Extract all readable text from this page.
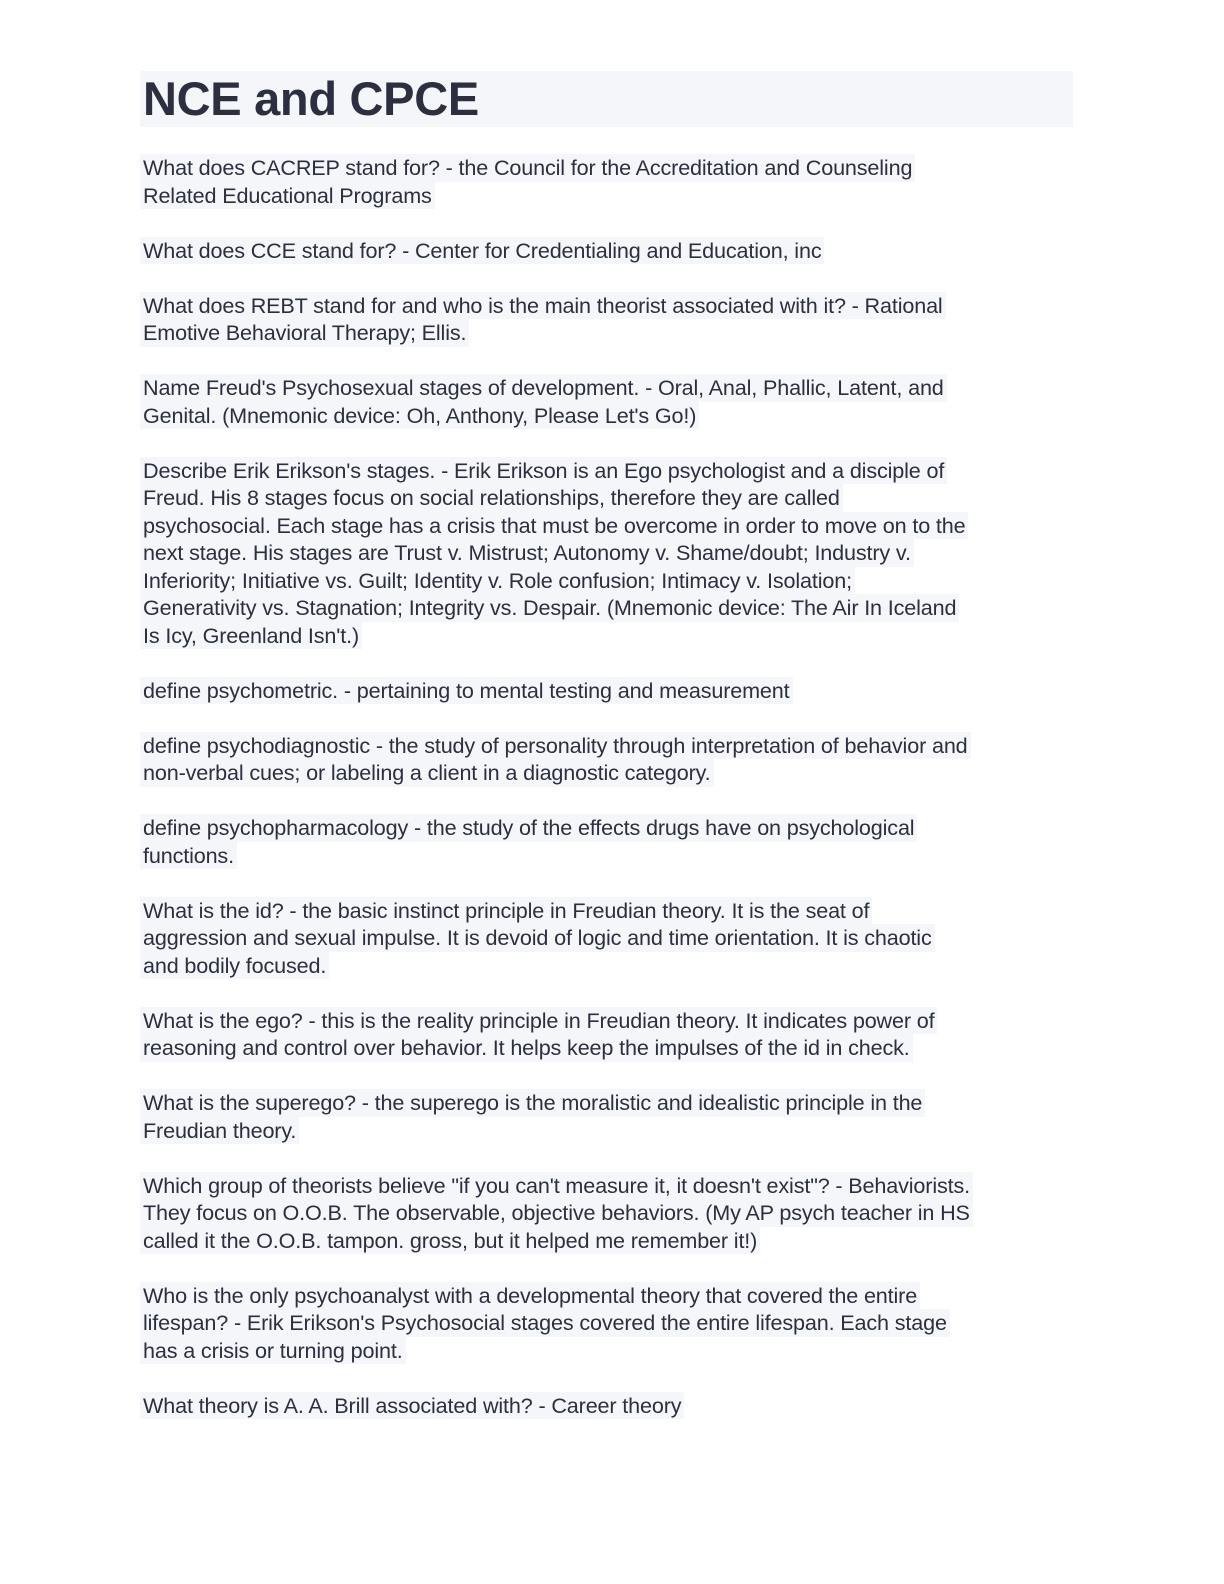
NCE and CPCE
What does CACREP stand for? - the Council for the Accreditation and Counseling
Related Educational Programs
What does CCE stand for? - Center for Credentialing and Education, inc
What does REBT stand for and who is the main theorist associated with it? - Rational
Emotive Behavioral Therapy; Ellis.
Name Freud's Psychosexual stages of development. - Oral, Anal, Phallic, Latent, and
Genital. (Mnemonic device: Oh, Anthony, Please Let's Go!)
Describe Erik Erikson's stages. - Erik Erikson is an Ego psychologist and a disciple of
Freud. His 8 stages focus on social relationships, therefore they are called
psychosocial. Each stage has a crisis that must be overcome in order to move on to the
next stage. His stages are Trust v. Mistrust; Autonomy v. Shame/doubt; Industry v.
Inferiority; Initiative vs. Guilt; Identity v. Role confusion; Intimacy v. Isolation;
Generativity vs. Stagnation; Integrity vs. Despair. (Mnemonic device: The Air In Iceland
Is Icy, Greenland Isn't.)
define psychometric. - pertaining to mental testing and measurement
define psychodiagnostic - the study of personality through interpretation of behavior and
non-verbal cues; or labeling a client in a diagnostic category.
define psychopharmacology - the study of the effects drugs have on psychological
functions.
What is the id? - the basic instinct principle in Freudian theory. It is the seat of
aggression and sexual impulse. It is devoid of logic and time orientation. It is chaotic
and bodily focused.
What is the ego? - this is the reality principle in Freudian theory. It indicates power of
reasoning and control over behavior. It helps keep the impulses of the id in check.
What is the superego? - the superego is the moralistic and idealistic principle in the
Freudian theory.
Which group of theorists believe "if you can't measure it, it doesn't exist"? - Behaviorists.
They focus on O.O.B. The observable, objective behaviors. (My AP psych teacher in HS
called it the O.O.B. tampon. gross, but it helped me remember it!)
Who is the only psychoanalyst with a developmental theory that covered the entire
lifespan? - Erik Erikson's Psychosocial stages covered the entire lifespan. Each stage
has a crisis or turning point.
What theory is A. A. Brill associated with? - Career theory
